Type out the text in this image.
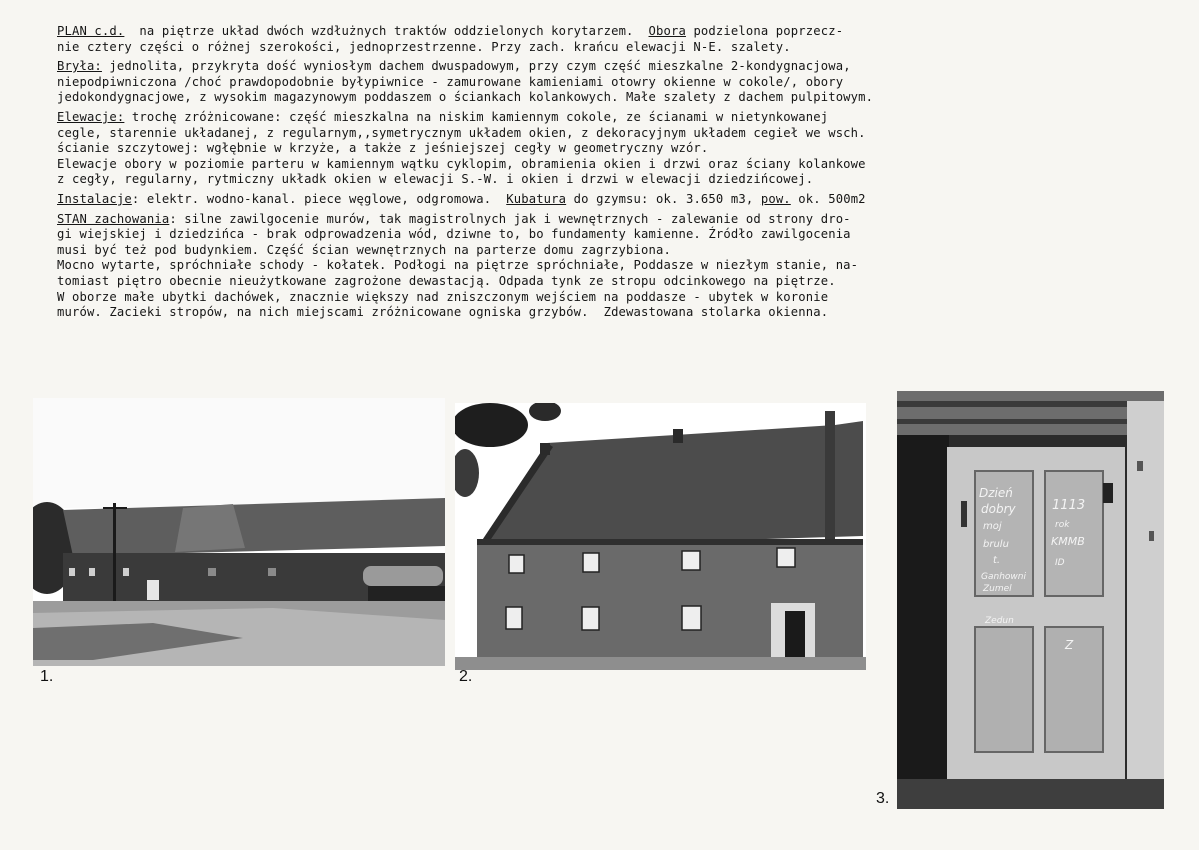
PLAN c.d.  na piętrze układ dwóch wzdłużnych traktów oddzielonych korytarzem.  Obora podzielona poprzecz-
nie cztery części o różnej szerokości, jednoprzestrzenne. Przy zach. krańcu elewacji N-E. szalety.
Bryła: jednolita, przykryta dość wyniosłym dachem dwuspadowym, przy czym część mieszkalne 2-kondygnacjowa,
niepodpiwniczona /choć prawdopodobnie byłypiwnice - zamurowane kamieniami otowry okienne w cokole/, obory
jedokondygnacjowe, z wysokim magazynowym poddaszem o ściankach kolankowych. Małe szalety z dachem pulpitowym.
Elewacje: trochę zróżnicowane: część mieszkalna na niskim kamiennym cokole, ze ścianami w nietynkowanej
cegle, starennie układanej, z regularnym,,symetrycznym układem okien, z dekoracyjnym układem cegieł we wsch.
ścianie szczytowej: wgłębnie w krzyże, a także z jeśniejszej cegły w geometryczny wzór.
Elewacje obory w poziomie parteru w kamiennym wątku cyklopim, obramienia okien i drzwi oraz ściany kolankowe
z cegły, regularny, rytmiczny układk okien w elewacji S.-W. i okien i drzwi w elewacji dziedzińcowej.
Instalacje: elektr. wodno-kanal. piece węglowe, odgromowa.  Kubatura do gzymsu: ok. 3.650 m3, pow. ok. 500m2
STAN zachowania: silne zawilgocenie murów, tak magistrolnych jak i wewnętrznych - zalewanie od strony dro-
gi wiejskiej i dziedzińca - brak odprowadzenia wód, dziwne to, bo fundamenty kamienne. Źródło zawilgocenia
musi być też pod budynkiem. Część ścian wewnętrznych na parterze domu zagrzybiona.
Mocno wytarte, spróchniałe schody - kołatek. Podłogi na piętrze spróchniałe, Poddasze w niezłym stanie, na-
tomiast piętro obecnie nieużytkowane zagrożone dewastacją. Odpada tynk ze stropu odcinkowego na piętrze.
W oborze małe ubytki dachówek, znacznie większy nad zniszczonym wejściem na poddasze - ubytek w koronie
murów. Zacieki stropów, na nich miejscami zróżnicowane ogniska grzybów.  Zdewastowana stolarka okienna.
1.	2.
Dzień
dobry
moj
brulu
t.
Ganhowni
Zumel
1113
rok
KMMB
ID
Zedun
Z
3.
